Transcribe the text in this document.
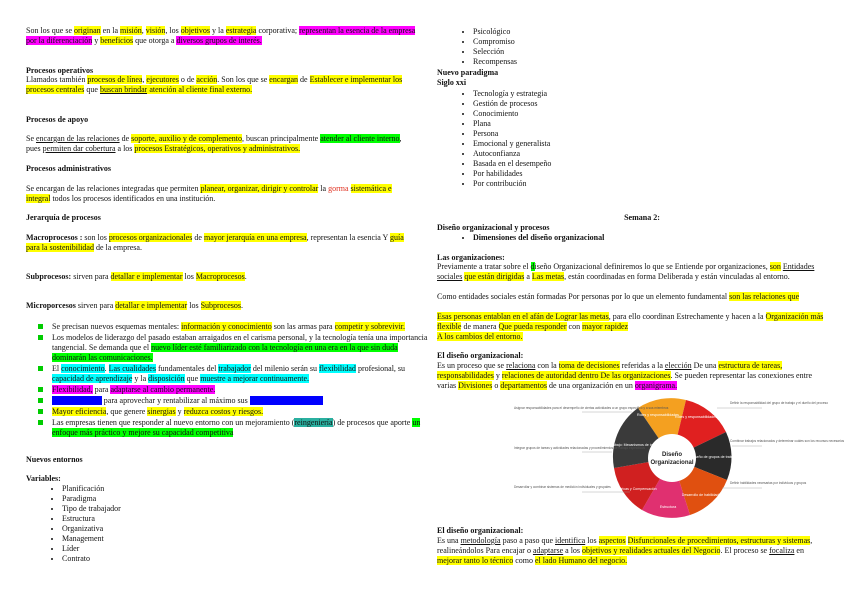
Son los que se originan en la misión, visión, los objetivos y la estrategia corporativa; representan la esencia de la empresa por la diferenciación y beneficios que otorga a diversos grupos de interés.

Procesos operativos

Llamados también procesos de línea, ejecutores o de acción. Son los que se encargan de Establecer e implementar los procesos centrales que buscan brindar atención al cliente final externo.

Procesos de apoyo

Se encargan de las relaciones de soporte, auxilio y de complemento, buscan principalmente atender al cliente interno, pues permiten dar cobertura a los procesos Estratégicos, operativos y administrativos.

Procesos administrativos

Se encargan de las relaciones integradas que permiten planear, organizar, dirigir y controlar la gorma sistemática e integral todos los procesos identificados en una institución.

Jerarquía de procesos

Macroprocesos : son los procesos organizacionales de mayor jerarquía en una empresa, representan la esencia Y guía para la sostenibilidad de la empresa.

Subprocesos: sirven para detallar e implementar los Macroprocesos.

Microporcesos sirven para detallar e implementar los Subprocesos.

Se precisan nuevos esquemas mentales: información y conocimiento son las armas para competir y sobrevivir.
Los modelos de liderazgo del pasado estaban arraigados en el carisma personal, y la tecnología tenía una importancia tangencial. Se demanda que el nuevo líder esté familiarizado con la tecnología en una era en la que sin duda dominarán las comunicaciones.
El conocimiento. Las cualidades fundamentales del trabajador del milenio serán su flexibilidad profesional, su capacidad de aprendizaje y la disposición que muestre a mejorar continuamente.
Flexibilidad, para adaptarse al cambio permanente.
Competitividad para aprovechar y rentabilizar al máximo sus recursos y habilidades.
Mayor eficiencia, que genere sinergias y reduzca costos y riesgos.
Las empresas tienen que responder al nuevo entorno con un mejoramiento (reingeniería) de procesos que aporte un enfoque más práctico y mejore su capacidad competitiva

Nuevos entornos

Variables:

• Planificación
• Paradigma
• Tipo de trabajador
• Estructura
• Organizativa
• Management
• Líder
• Contrato
• Psicológico
• Compromiso
• Selección
• Recompensas

Nuevo paradigma

Siglo xxi

• Tecnología y estrategia
• Gestión de procesos
• Conocimiento
• Plana
• Persona
• Emocional y generalista
• Autoconfianza
• Basada en el desempeño
• Por habilidades
• Por contribución

Semana 2:

Diseño organizacional y procesos

• Dimensiones del diseño organizacional

Las organizaciones:

Previamente a tratar sobre el diseño Organizacional definiremos lo que se Entiende por organizaciones, son Entidades sociales que están dirigidas a Las metas, están coordinadas en forma Deliberada y están vinculadas al entorno.

Como entidades sociales están formadas Por personas por lo que un elemento fundamental son las relaciones que

Esas personas entablan en el afán de Lograr las metas, para ello coordinan Estrechamente y hacen a la Organización más flexible de manera Que pueda responder con mayor rapidez

A los cambios del entorno.

El diseño organizacional:

Es un proceso que se relaciona con la toma de decisiones referidas a la elección De una estructura de tareas, responsabilidades y relaciones de autoridad dentro De las organizaciones. Se pueden representar las conexiones entre varias Divisiones o departamentos de una organización en un organigrama.

Diseño
Organizacional
Roles y responsabilidades
Roles y responsabilidades
Diseño de grupos de trabajo
Desarrollo de habilidades
Estructura
Métricas y Compensación
Diseño del trabajo: Mecanismos de integración
Asignar responsabilidades para el desempeño de ciertas actividades a un grupo específico y a sus miembros
Definir la responsabilidad del grupo de trabajo y el dueño del proceso
Integrar grupos de tareas y actividades relacionadas y procedimientos de trabajo específicos
Combinar trabajos relacionados y determinar cuáles son los recursos necesarios
Desarrollar y combinar sistemas de medición individuales y grupales
Definir habilidades necesarias por individuos y grupos

El diseño organizacional:

Es una metodología paso a paso que identifica los aspectos Disfuncionales de procedimientos, estructuras y sistemas, realineándolos Para encajar o adaptarse a los objetivos y realidades actuales del Negocio. El proceso se focaliza en mejorar tanto lo técnico como el lado Humano del negocio.
